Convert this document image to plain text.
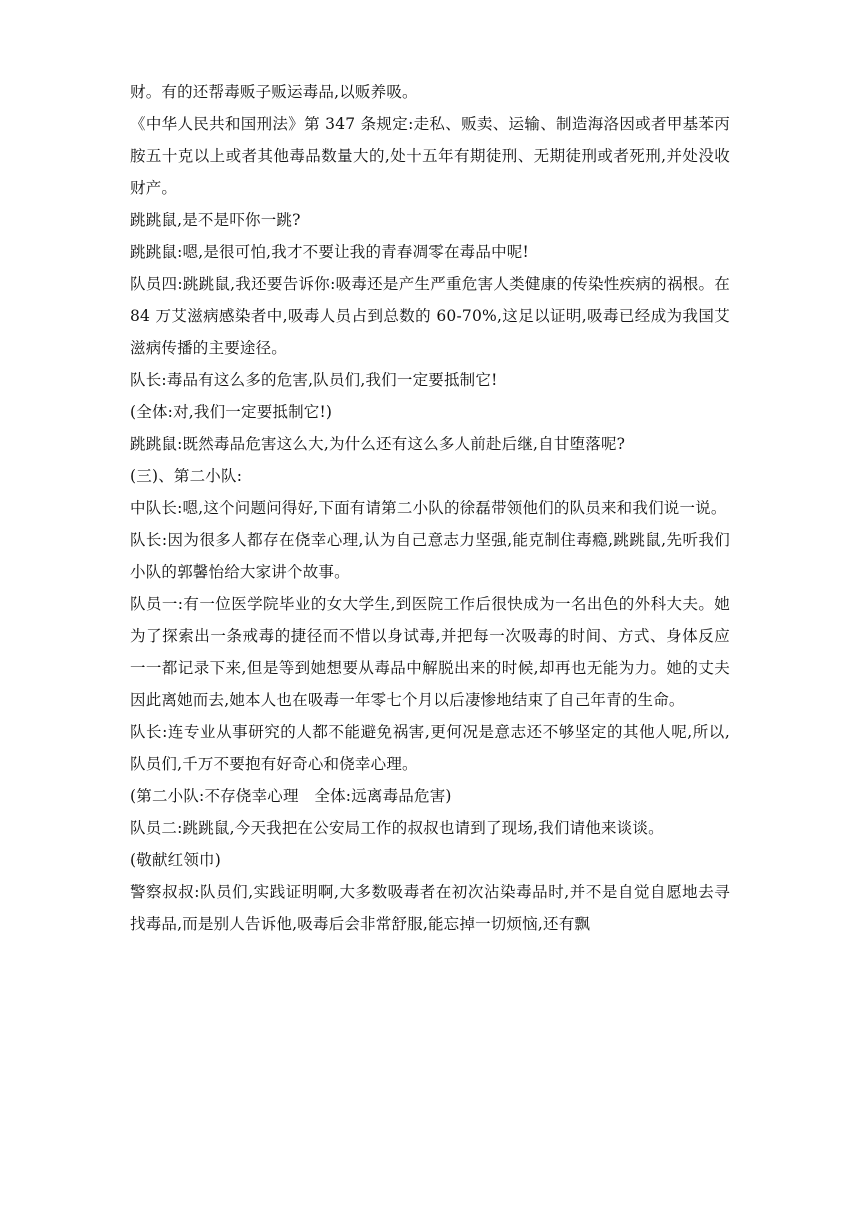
财。有的还帮毒贩子贩运毒品,以贩养吸。

《中华人民共和国刑法》第 347 条规定:走私、贩卖、运输、制造海洛因或者甲基苯丙胺五十克以上或者其他毒品数量大的,处十五年有期徒刑、无期徒刑或者死刑,并处没收财产。

跳跳鼠,是不是吓你一跳?

跳跳鼠:嗯,是很可怕,我才不要让我的青春凋零在毒品中呢!

队员四:跳跳鼠,我还要告诉你:吸毒还是产生严重危害人类健康的传染性疾病的祸根。在 84 万艾滋病感染者中,吸毒人员占到总数的 60-70%,这足以证明,吸毒已经成为我国艾滋病传播的主要途径。

队长:毒品有这么多的危害,队员们,我们一定要抵制它!

(全体:对,我们一定要抵制它!)

跳跳鼠:既然毒品危害这么大,为什么还有这么多人前赴后继,自甘堕落呢?

(三)、第二小队:

中队长:嗯,这个问题问得好,下面有请第二小队的徐磊带领他们的队员来和我们说一说。

队长:因为很多人都存在侥幸心理,认为自己意志力坚强,能克制住毒瘾,跳跳鼠,先听我们小队的郭馨怡给大家讲个故事。

队员一:有一位医学院毕业的女大学生,到医院工作后很快成为一名出色的外科大夫。她为了探索出一条戒毒的捷径而不惜以身试毒,并把每一次吸毒的时间、方式、身体反应一一都记录下来,但是等到她想要从毒品中解脱出来的时候,却再也无能为力。她的丈夫因此离她而去,她本人也在吸毒一年零七个月以后凄惨地结束了自己年青的生命。

队长:连专业从事研究的人都不能避免祸害,更何况是意志还不够坚定的其他人呢,所以,队员们,千万不要抱有好奇心和侥幸心理。

(第二小队:不存侥幸心理　全体:远离毒品危害)

队员二:跳跳鼠,今天我把在公安局工作的叔叔也请到了现场,我们请他来谈谈。

(敬献红领巾)

警察叔叔:队员们,实践证明啊,大多数吸毒者在初次沾染毒品时,并不是自觉自愿地去寻找毒品,而是别人告诉他,吸毒后会非常舒服,能忘掉一切烦恼,还有飘
